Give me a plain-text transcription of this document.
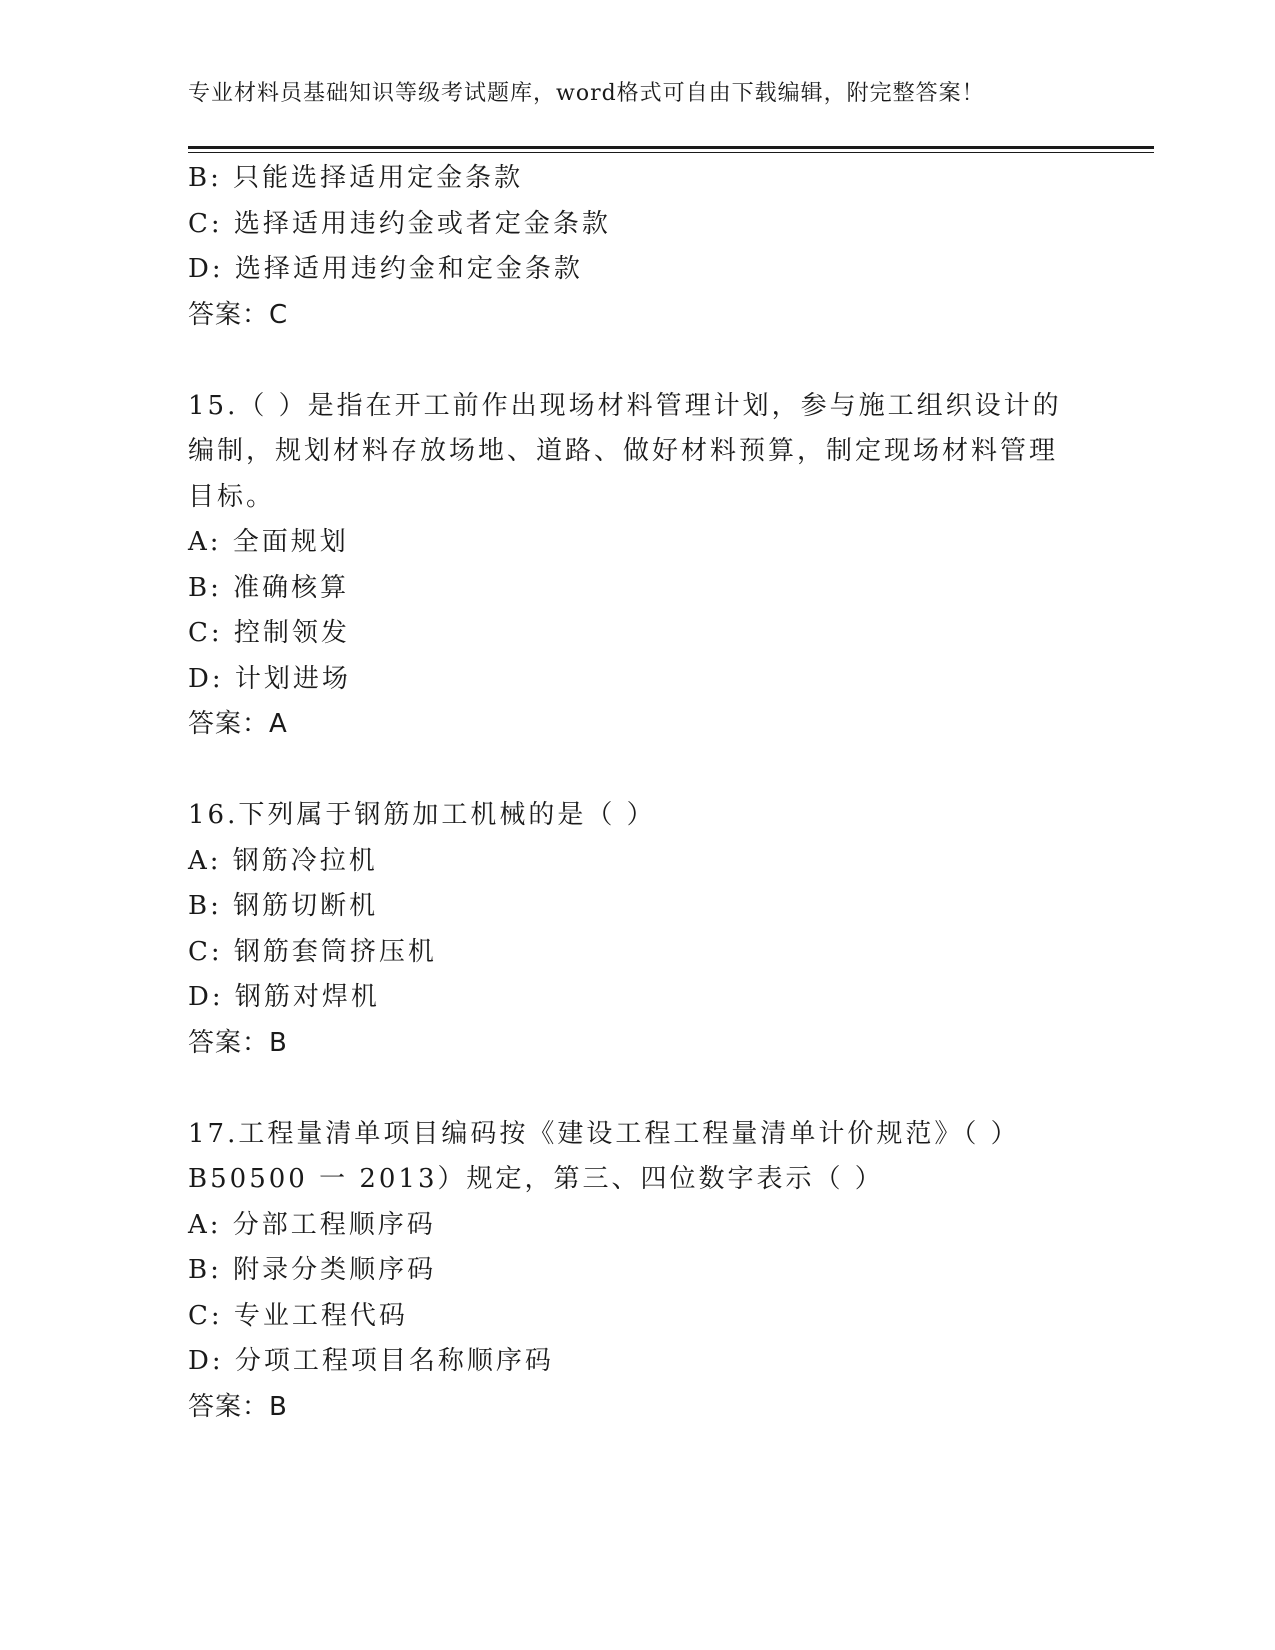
专业材料员基础知识等级考试题库，word格式可自由下载编辑，附完整答案！
B: 只能选择适用定金条款
C: 选择适用违约金或者定金条款
D: 选择适用违约金和定金条款
答案：C
15.（ ）是指在开工前作出现场材料管理计划，参与施工组织设计的
编制，规划材料存放场地、道路、做好材料预算，制定现场材料管理
目标。
A: 全面规划
B: 准确核算
C: 控制领发
D: 计划进场
答案：A
16.下列属于钢筋加工机械的是（ ）
A: 钢筋冷拉机
B: 钢筋切断机
C: 钢筋套筒挤压机
D: 钢筋对焊机
答案：B
17.工程量清单项目编码按《建设工程工程量清单计价规范》（ ）
B50500 一 2013）规定，第三、四位数字表示（ ）
A: 分部工程顺序码
B: 附录分类顺序码
C: 专业工程代码
D: 分项工程项目名称顺序码
答案：B
